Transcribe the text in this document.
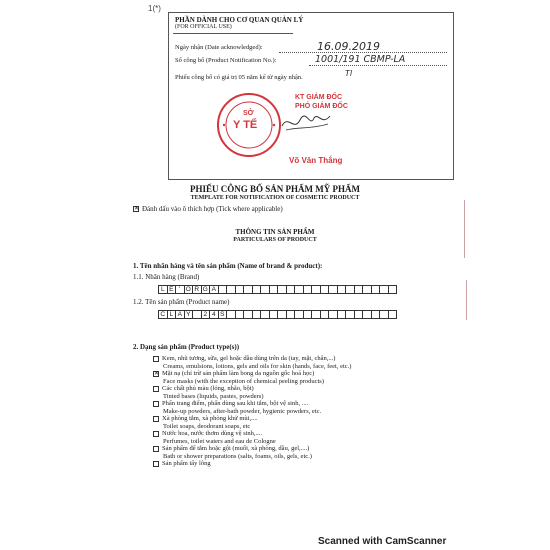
1(*)
PHẦN DÀNH CHO CƠ QUAN QUẢN LÝ
(FOR OFFICIAL USE)
Ngày nhận (Date acknowledged):	16.09.2019
Số công bố (Product Notification No.):	1001/191 CBMP-LA
Phiếu công bố có giá trị 05 năm kể từ ngày nhận.	Tl
KT GIÁM ĐỐC
PHÓ GIÁM ĐỐC
Võ Văn Thắng
SỞ
Y TẾ
PHIẾU CÔNG BỐ SẢN PHẨM MỸ PHẨM
TEMPLATE FOR NOTIFICATION OF COSMETIC PRODUCT
✕ Đánh dấu vào ô thích hợp (Tick where applicable)
THÔNG TIN SẢN PHẨM
PARTICULARS OF PRODUCT
1. Tên nhãn hàng và tên sản phẩm (Name of brand & product):
1.1. Nhãn hàng (Brand)
L E ' O R G A
1.2. Tên sản phẩm (Product name)
C L A Y	2 4 S
2. Dạng sản phẩm (Product type(s))
Kem, nhũ tương, sữa, gel hoặc dầu dùng trên da (tay, mặt, chân,...)
Creams, emulsions, lotions, gels and oils for skin (hands, face, feet, etc.)
✕ Mặt nạ (chỉ trừ sản phẩm làm bong da nguồn gốc hoá học)
Face masks (with the exception of chemical peeling products)
Các chất phủ màu (lỏng, nhão, bột)
Tinted bases (liquids, pastes, powders)
Phấn trang điểm, phấn dùng sau khi tắm, bột vệ sinh, ....
Make-up powders, after-bath powder, hygienic powders, etc.
Xà phòng tắm, xà phòng khử mùi,....
Toilet soaps, deodorant soaps, etc
Nước hoa, nước thơm dùng vệ sinh,....
Perfumes, toilet waters and eau de Cologne
Sản phẩm để tắm hoặc gội (muối, xà phòng, dầu, gel,....)
Bath or shower preparations (salts, foams, oils, gels, etc.)
Sản phẩm tẩy lông
Scanned with CamScanner
